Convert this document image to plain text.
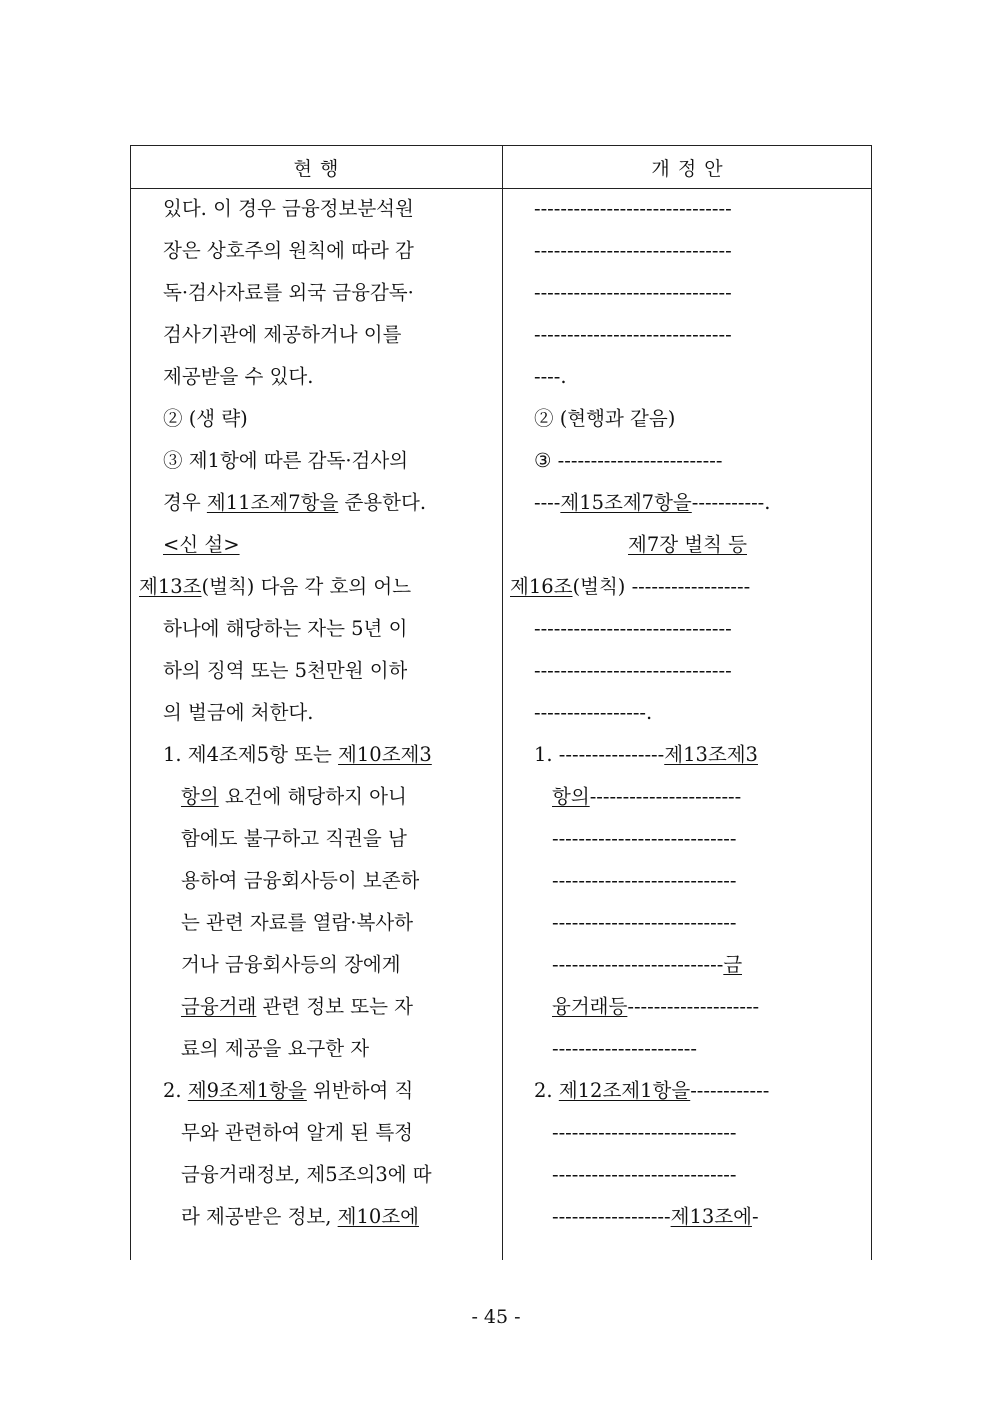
현 행	개 정 안
있다. 이 경우 금융정보분석원
장은 상호주의 원칙에 따라 감
독·검사자료를 외국 금융감독·
검사기관에 제공하거나 이를
제공받을 수 있다.
② (생 략)
③ 제1항에 따른 감독·검사의
경우 제11조제7항을 준용한다.
<신 설>
제13조(벌칙) 다음 각 호의 어느
하나에 해당하는 자는 5년 이
하의 징역 또는 5천만원 이하
의 벌금에 처한다.
1. 제4조제5항 또는 제10조제3
항의 요건에 해당하지 아니
함에도 불구하고 직권을 남
용하여 금융회사등이 보존하
는 관련 자료를 열람·복사하
거나 금융회사등의 장에게
금융거래 관련 정보 또는 자
료의 제공을 요구한 자
2. 제9조제1항을 위반하여 직
무와 관련하여 알게 된 특정
금융거래정보, 제5조의3에 따
라 제공받은 정보, 제10조에
------------------------------
------------------------------
------------------------------
------------------------------
----.
② (현행과 같음)
③ -------------------------
----제15조제7항을-----------.
제7장 벌칙 등
제16조(벌칙) ------------------
------------------------------
------------------------------
-----------------.
1. ----------------제13조제3
항의-----------------------
----------------------------
----------------------------
----------------------------
--------------------------금
융거래등--------------------
----------------------
2. 제12조제1항을------------
----------------------------
----------------------------
------------------제13조에-
- 45 -
